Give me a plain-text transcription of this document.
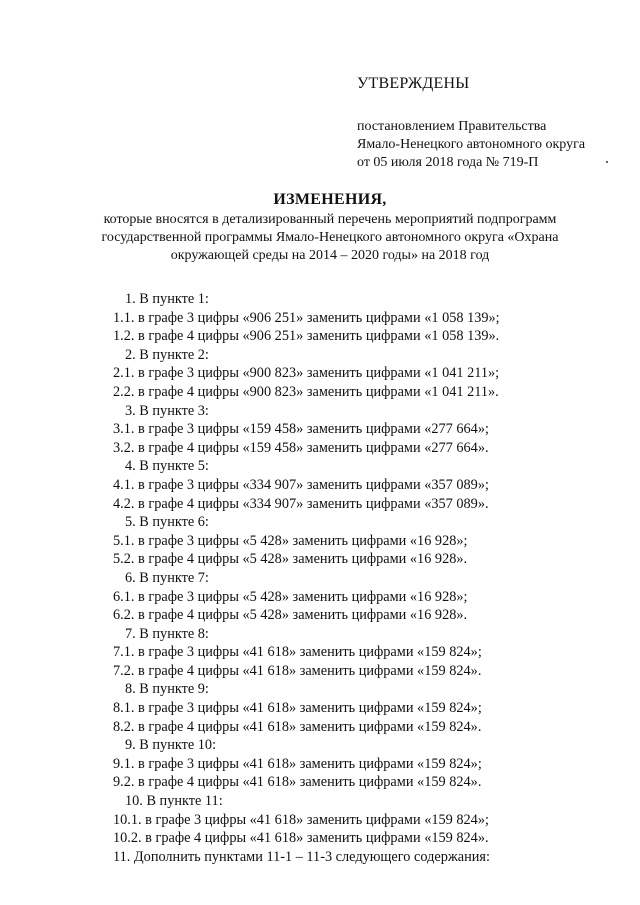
УТВЕРЖДЕНЫ
постановлением Правительства
Ямало-Ненецкого автономного округа
от 05 июля 2018 года № 719-П
ИЗМЕНЕНИЯ,
которые вносятся в детализированный перечень мероприятий подпрограмм
государственной программы Ямало-Ненецкого автономного округа «Охрана
окружающей среды на 2014 – 2020 годы» на 2018 год
1. В пункте 1:
1.1. в графе 3 цифры «906 251» заменить цифрами «1 058 139»;
1.2. в графе 4 цифры «906 251» заменить цифрами «1 058 139».
2. В пункте 2:
2.1. в графе 3 цифры «900 823» заменить цифрами «1 041 211»;
2.2. в графе 4 цифры «900 823» заменить цифрами «1 041 211».
3. В пункте 3:
3.1. в графе 3 цифры «159 458» заменить цифрами «277 664»;
3.2. в графе 4 цифры «159 458» заменить цифрами «277 664».
4. В пункте 5:
4.1. в графе 3 цифры «334 907» заменить цифрами «357 089»;
4.2. в графе 4 цифры «334 907» заменить цифрами «357 089».
5. В пункте 6:
5.1. в графе 3 цифры «5 428» заменить цифрами «16 928»;
5.2. в графе 4 цифры «5 428» заменить цифрами «16 928».
6. В пункте 7:
6.1. в графе 3 цифры «5 428» заменить цифрами «16 928»;
6.2. в графе 4 цифры «5 428» заменить цифрами «16 928».
7. В пункте 8:
7.1. в графе 3 цифры «41 618» заменить цифрами «159 824»;
7.2. в графе 4 цифры «41 618» заменить цифрами «159 824».
8. В пункте 9:
8.1. в графе 3 цифры «41 618» заменить цифрами «159 824»;
8.2. в графе 4 цифры «41 618» заменить цифрами «159 824».
9. В пункте 10:
9.1. в графе 3 цифры «41 618» заменить цифрами «159 824»;
9.2. в графе 4 цифры «41 618» заменить цифрами «159 824».
10. В пункте 11:
10.1. в графе 3 цифры «41 618» заменить цифрами «159 824»;
10.2. в графе 4 цифры «41 618» заменить цифрами «159 824».
11. Дополнить пунктами 11-1 – 11-3 следующего содержания:
